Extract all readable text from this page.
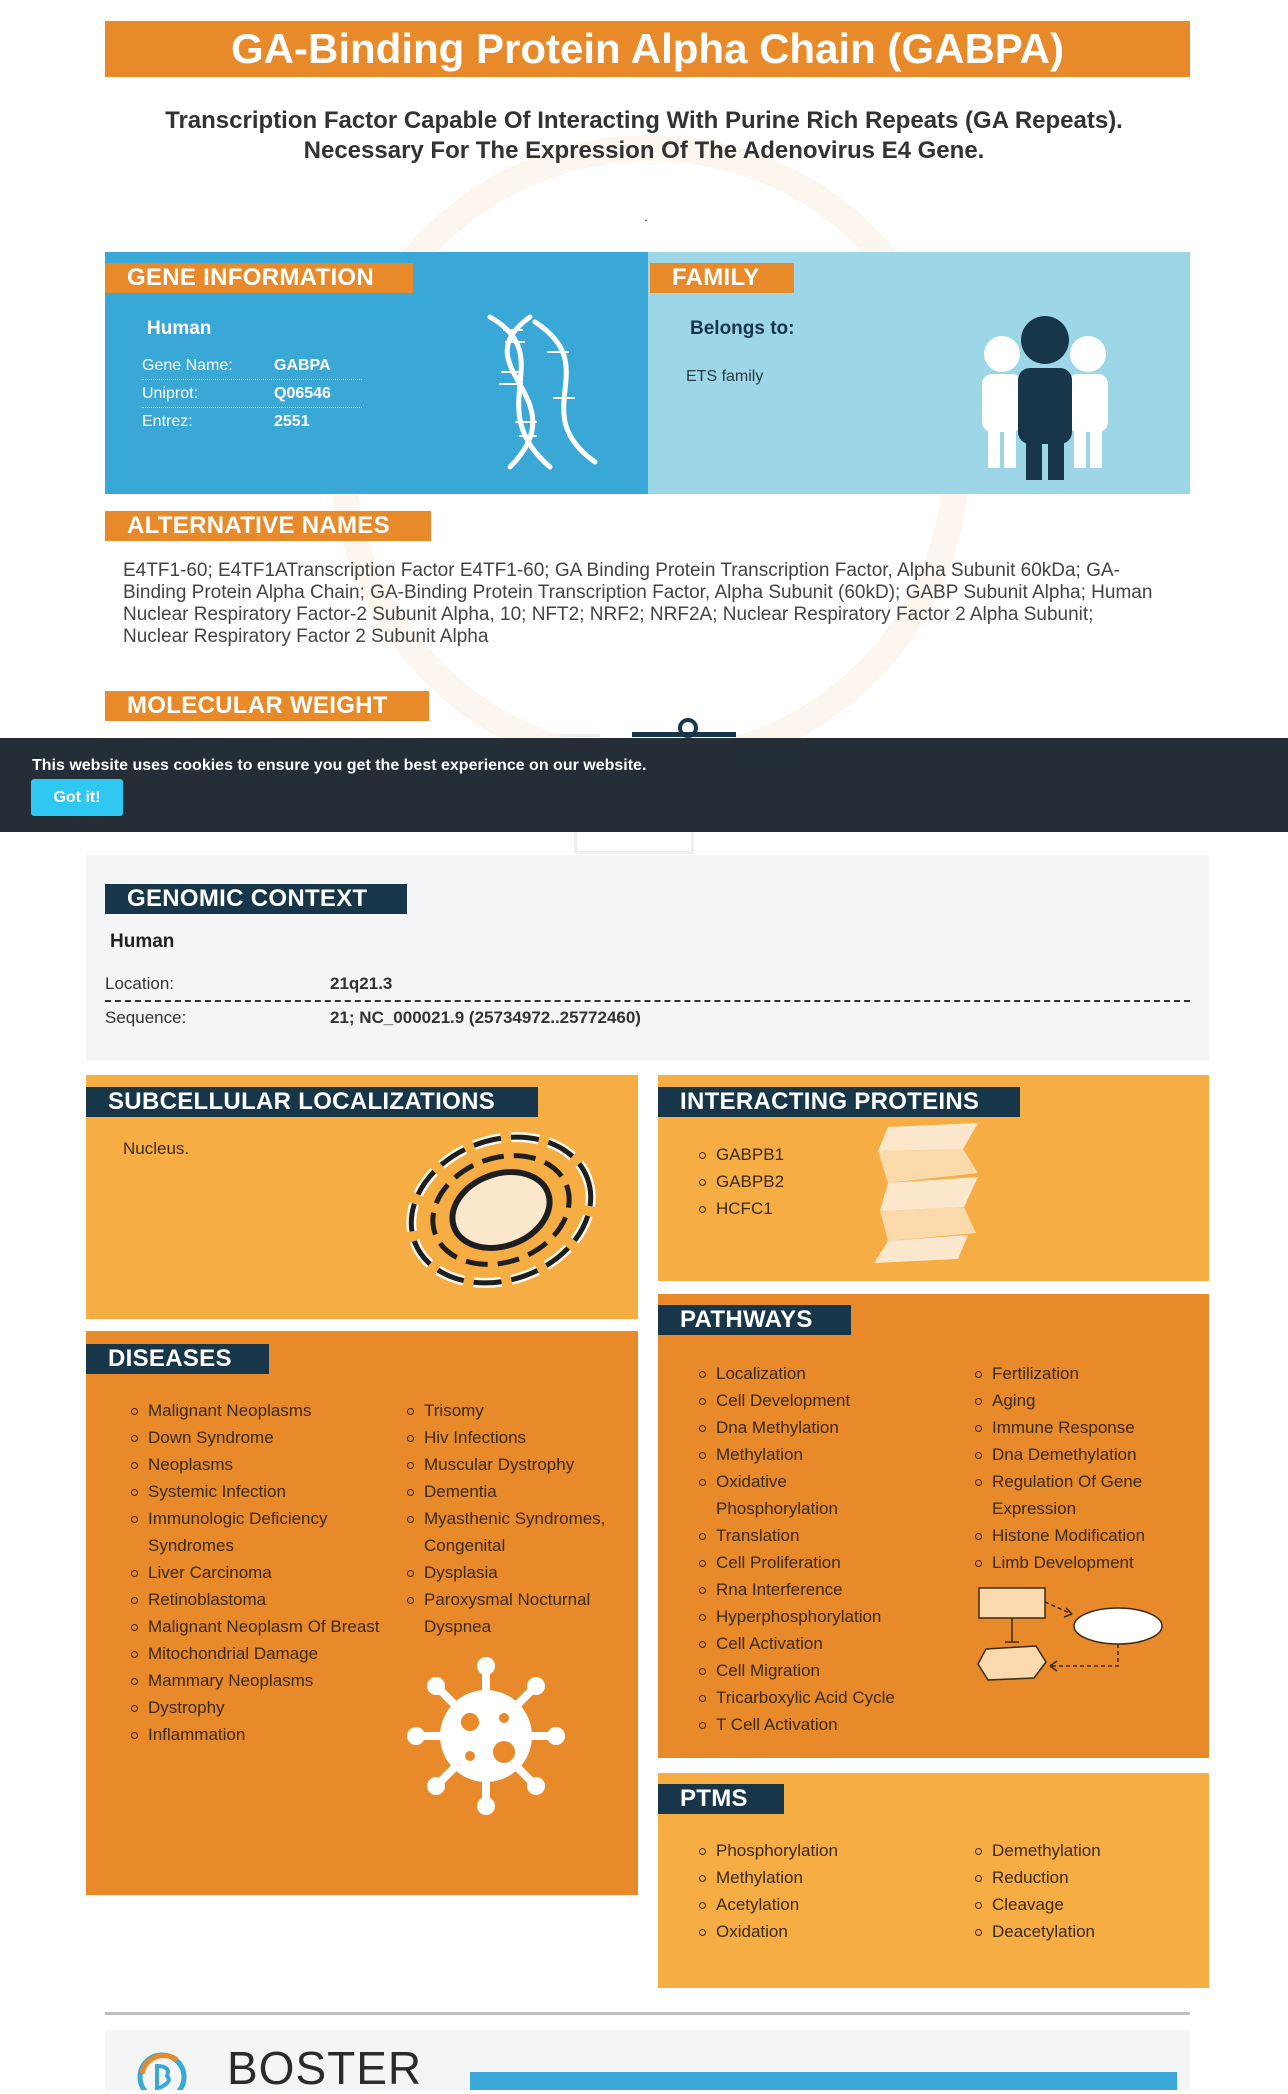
GA-Binding Protein Alpha Chain (GABPA)
Transcription Factor Capable Of Interacting With Purine Rich Repeats (GA Repeats). Necessary For The Expression Of The Adenovirus E4 Gene.
.
GENE INFORMATION
Human
Gene Name:	GABPA
Uniprot:	Q06546
Entrez:	2551
FAMILY
Belongs to:
ETS family
ALTERNATIVE NAMES
E4TF1-60; E4TF1ATranscription Factor E4TF1-60; GA Binding Protein Transcription Factor, Alpha Subunit 60kDa; GA-Binding Protein Alpha Chain; GA-Binding Protein Transcription Factor, Alpha Subunit (60kD); GABP Subunit Alpha; Human Nuclear Respiratory Factor-2 Subunit Alpha, 10; NFT2; NRF2; NRF2A; Nuclear Respiratory Factor 2 Alpha Subunit; Nuclear Respiratory Factor 2 Subunit Alpha
MOLECULAR WEIGHT
This website uses cookies to ensure you get the best experience on our website.
Got it!
GENOMIC CONTEXT
Human
Location:	21q21.3
Sequence:	21; NC_000021.9 (25734972..25772460)
SUBCELLULAR LOCALIZATIONS
Nucleus.
INTERACTING PROTEINS
GABPB1
GABPB2
HCFC1
DISEASES
Malignant Neoplasms
Down Syndrome
Neoplasms
Systemic Infection
Immunologic Deficiency Syndromes
Liver Carcinoma
Retinoblastoma
Malignant Neoplasm Of Breast
Mitochondrial Damage
Mammary Neoplasms
Dystrophy
Inflammation
Trisomy
Hiv Infections
Muscular Dystrophy
Dementia
Myasthenic Syndromes, Congenital
Dysplasia
Paroxysmal Nocturnal Dyspnea
PATHWAYS
Localization
Cell Development
Dna Methylation
Methylation
Oxidative Phosphorylation
Translation
Cell Proliferation
Rna Interference
Hyperphosphorylation
Cell Activation
Cell Migration
Tricarboxylic Acid Cycle
T Cell Activation
Fertilization
Aging
Immune Response
Dna Demethylation
Regulation Of Gene Expression
Histone Modification
Limb Development
PTMS
Phosphorylation
Methylation
Acetylation
Oxidation
Demethylation
Reduction
Cleavage
Deacetylation
BOSTER
